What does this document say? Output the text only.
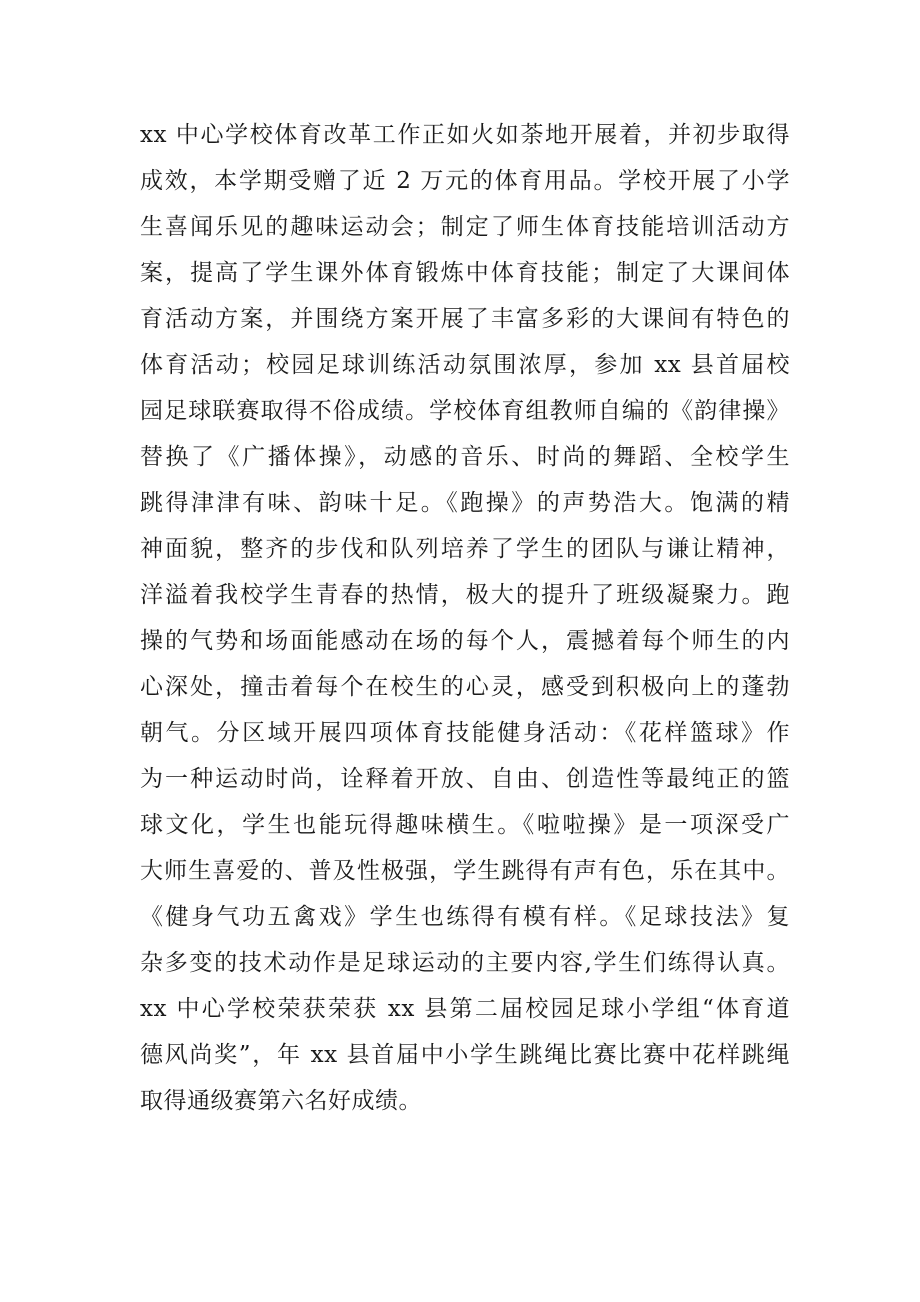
xx 中心学校体育改革工作正如火如荼地开展着，并初步取得
成效，本学期受赠了近 2 万元的体育用品。学校开展了小学
生喜闻乐见的趣味运动会；制定了师生体育技能培训活动方
案，提高了学生课外体育锻炼中体育技能；制定了大课间体
育活动方案，并围绕方案开展了丰富多彩的大课间有特色的
体育活动；校园足球训练活动氛围浓厚，参加 xx 县首届校
园足球联赛取得不俗成绩。学校体育组教师自编的《韵律操》
替换了《广播体操》，动感的音乐、时尚的舞蹈、全校学生
跳得津津有味、韵味十足。《跑操》的声势浩大。饱满的精
神面貌，整齐的步伐和队列培养了学生的团队与谦让精神，
洋溢着我校学生青春的热情，极大的提升了班级凝聚力。跑
操的气势和场面能感动在场的每个人，震撼着每个师生的内
心深处，撞击着每个在校生的心灵，感受到积极向上的蓬勃
朝气。分区域开展四项体育技能健身活动：《花样篮球》作
为一种运动时尚，诠释着开放、自由、创造性等最纯正的篮
球文化，学生也能玩得趣味横生。《啦啦操》是一项深受广
大师生喜爱的、普及性极强，学生跳得有声有色，乐在其中。
《健身气功五禽戏》学生也练得有模有样。《足球技法》复
杂多变的技术动作是足球运动的主要内容,学生们练得认真。
xx 中心学校荣获荣获 xx 县第二届校园足球小学组“体育道
德风尚奖”，年 xx 县首届中小学生跳绳比赛比赛中花样跳绳
取得通级赛第六名好成绩。
